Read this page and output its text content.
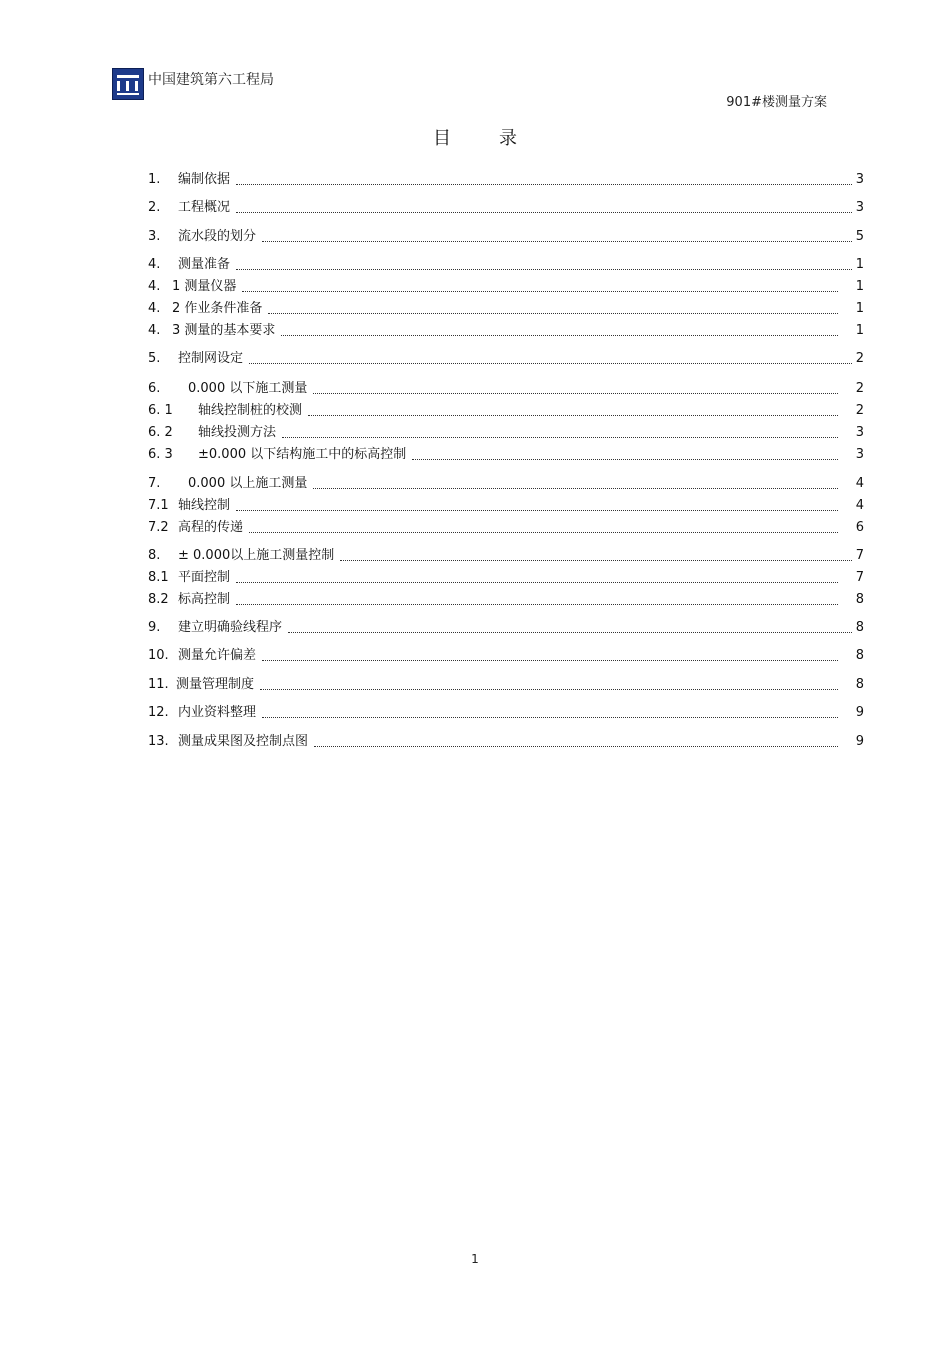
中国建筑第六工程局
901#楼测量方案
目录
1.	编制依据	3
2.	工程概况	3
3.	流水段的划分	5
4.	测量准备	1
4. 1 测量仪器	1
4. 2 作业条件准备	1
4. 3 测量的基本要求	1
5.	控制网设定	2
6.	0.000 以下施工测量	2
6. 1	轴线控制桩的校测	2
6. 2	轴线投测方法	3
6. 3	±0.000 以下结构施工中的标高控制	3
7.	0.000 以上施工测量	4
7.1 轴线控制	4
7.2 高程的传递	6
8.	± 0.000以上施工测量控制	7
8.1 平面控制	7
8.2 标高控制	8
9.	建立明确验线程序	8
10. 测量允许偏差	8
11. 测量管理制度	8
12. 内业资料整理	9
13. 测量成果图及控制点图	9
1
